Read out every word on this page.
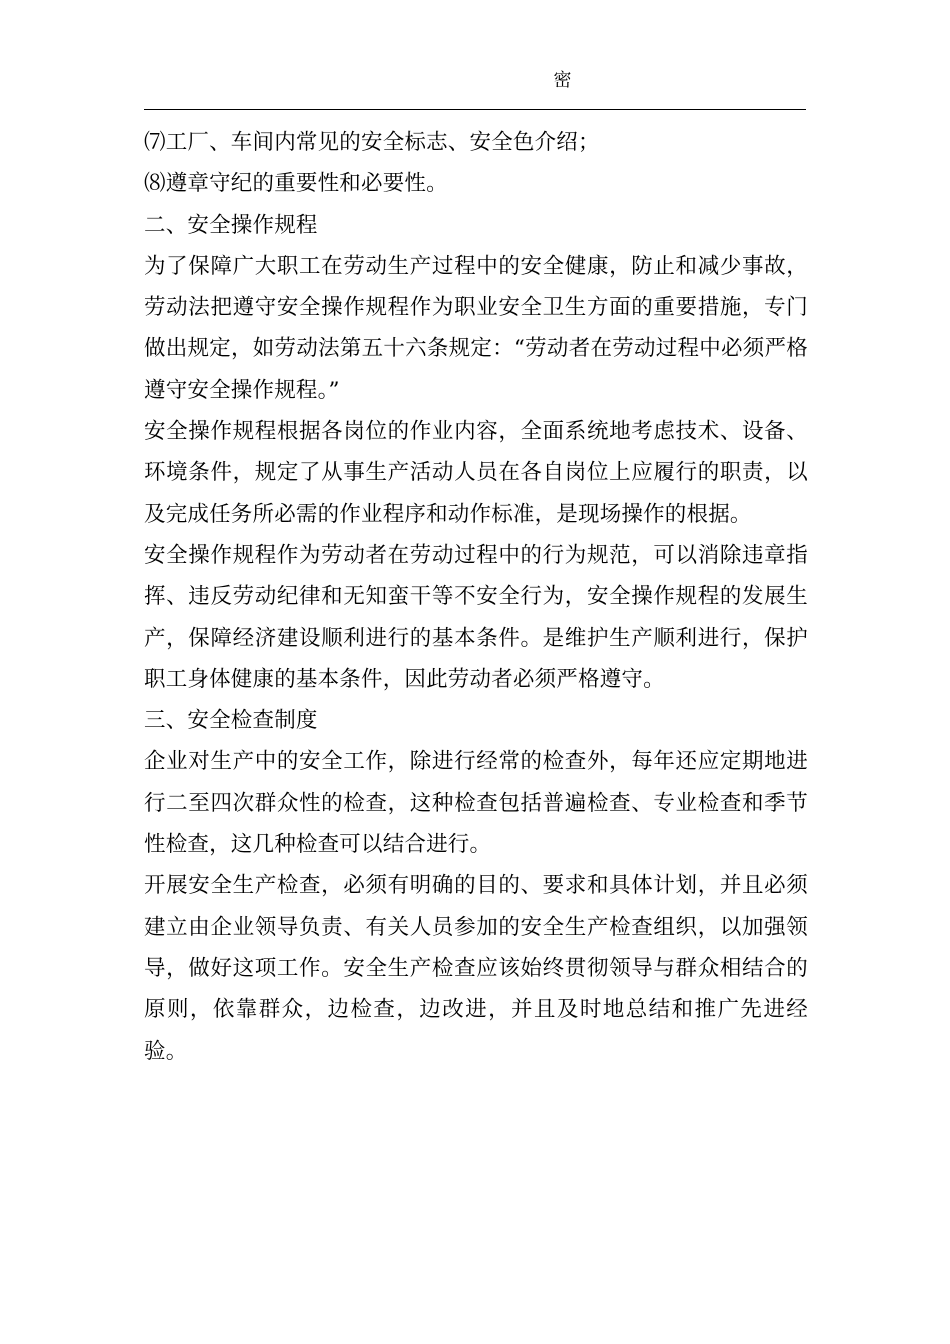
密

⑺工厂、车间内常见的安全标志、安全色介绍；

⑻遵章守纪的重要性和必要性。

二、安全操作规程

为了保障广大职工在劳动生产过程中的安全健康，防止和减少事故，劳动法把遵守安全操作规程作为职业安全卫生方面的重要措施，专门做出规定，如劳动法第五十六条规定：“劳动者在劳动过程中必须严格遵守安全操作规程。”

安全操作规程根据各岗位的作业内容，全面系统地考虑技术、设备、环境条件，规定了从事生产活动人员在各自岗位上应履行的职责，以及完成任务所必需的作业程序和动作标准，是现场操作的根据。

安全操作规程作为劳动者在劳动过程中的行为规范，可以消除违章指挥、违反劳动纪律和无知蛮干等不安全行为，安全操作规程的发展生产，保障经济建设顺利进行的基本条件。是维护生产顺利进行，保护职工身体健康的基本条件，因此劳动者必须严格遵守。

三、安全检查制度

企业对生产中的安全工作，除进行经常的检查外，每年还应定期地进行二至四次群众性的检查，这种检查包括普遍检查、专业检查和季节性检查，这几种检查可以结合进行。

开展安全生产检查，必须有明确的目的、要求和具体计划，并且必须建立由企业领导负责、有关人员参加的安全生产检查组织，以加强领导，做好这项工作。安全生产检查应该始终贯彻领导与群众相结合的原则，依靠群众，边检查，边改进，并且及时地总结和推广先进经验。
